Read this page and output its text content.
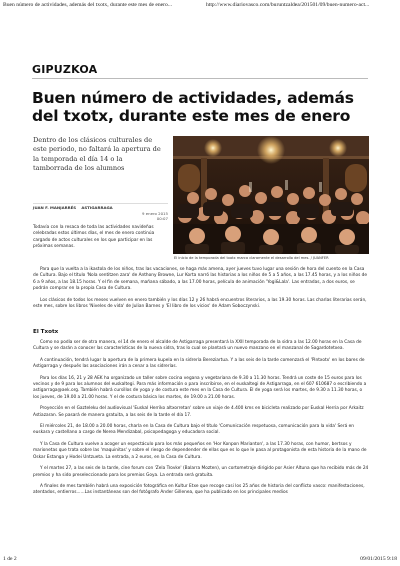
Buen número de actividades, además del txotx, durante este mes de enero...	http://www.diariovasco.com/buruntzaldea/201501/09/buen-numero-act...
GIPUZKOA
Buen número de actividades, además del txotx, durante este mes de enero

Dentro de los clásicos culturales de este periodo, no faltará la apertura de la temporada el día 14 o la tamborrada de los alumnos

JUAN F. MANJARRÉS ASTIGARRAGA
9 enero 2015
00:07

Todavía con la resaca de toda las actividades navideñas celebradas estos últimos días, el mes de enero continúa cargado de actos culturales en los que participar en las próximas semanas.

El inicio de la temporada del txotx marca claramente el desarrollo del mes. / JUANFER

Para que la vuelta a la ikastola de los niños, tras las vacaciones, se haga más amena, ayer jueves tuvo lugar una sesión de hora del cuento en la Casa de Cultura. Bajo el título 'Nola sentitzen zara' de Anthony Browne, Lur Korta narró las historias a los niños de 5 a 5 años, a las 17.45 horas, y a los niños de 6 a 9 años, a las 18.15 horas. Y el fin de semana, mañana sábado, a las 17.00 horas, película de animación 'Yogi&Lala'. Las entradas, a dos euros, se podrán comprar en la propia Casa de Cultura.

Los clásicos de todos los meses vuelven en enero también y los días 12 y 26 habrá encuentros literarios, a las 19.30 horas. Las charlas literarias serán, este mes, sobre los libros 'Niveles de vida' de Julian Barnes y 'El libro de los vicios' de Adam Soboczynski.

El Txotx

Como no podía ser de otra manera, el 14 de enero el alcalde de Astigarraga presentará la XXII temporada de la sidra a las 12.00 horas en la Casa de Cultura y se darán a conocer las características de la nueva sidra, tras lo cual se plantará un nuevo manzano en el manzanal de Sagardotetxea.

A continuación, tendrá lugar la apertura de la primera kupela en la sidrería Bereziartua. Y a las seis de la tarde comenzará el 'Pintxotx' en los bares de Astigarraga y después las asociaciones irán a cenar a las sidrerías.

Para los días 16, 21 y 28 AEK ha organizado un taller sobre cocina vegana y vegetariana de 9.30 a 11.30 horas. Tendrá un coste de 15 euros para los vecinos y de 9 para los alumnos del euskaltegi. Para más información o para inscribirse, en el euskaltegi de Astigarraga, en el 607 610687 o escribiendo a astigarraga@aek.org. También habrá cursillos de yoga y de costura este mes en la Casa de Cultura. El de yoga será los martes, de 9.30 a 11.30 horas, o los jueves, de 19.00 a 21.00 horas. Y el de costura básica los martes, de 19.00 a 21.00 horas.

Proyección en el Gazteleku del audiovisual 'Euskal Herriko altxorretan' sobre un viaje de 4.400 kms en bicicleta realizado por Euskal Herria por Arkaitz Astiazaran. Se pasará de manera gratuita, a las seis de la tarde el día 17.

El miércoles 21, de 18.00 a 20.00 horas, charla en la Casa de Cultura bajo el título 'Comunicación respetuosa, comunicación para la vida' Será en euskara y castellano a cargo de Nerea Mendizabal, psicopedagoga y educadora social.

Y la Casa de Cultura vuelve a acoger un espectáculo para los más pequeños en 'Hor Konpon Marianton', a las 17.30 horas, con humor, bertsos y marionetas que trata sobre las 'maquinitas' y sobre el riesgo de dependender de ellas que es lo que le pasa al protagonista de esta historia de la mano de Oskar Estanga y Hodei Untzueta. La entrada, a 2 euros, en la Casa de Cultura.

Y el martes 27, a las seis de la tarde, cine forum con 'Zela Trovke' (Balarra Mozten), un cortometraje dirigido por Asier Altuna que ha recibido más de 24 premios y ha sido preseleccionado para los premios Goya. La entrada será gratuita.

A finales de mes también habrá una exposición fotográfica en Kultur Etxe que recoge casi los 25 años de historia del conflicto vasco: manifestaciones, atentados, entierros......Las instantáneas son del fotógrafo Ander Gillenea, que ha publicado en los principales medios

1 de 2	09/01/2015 9:18
